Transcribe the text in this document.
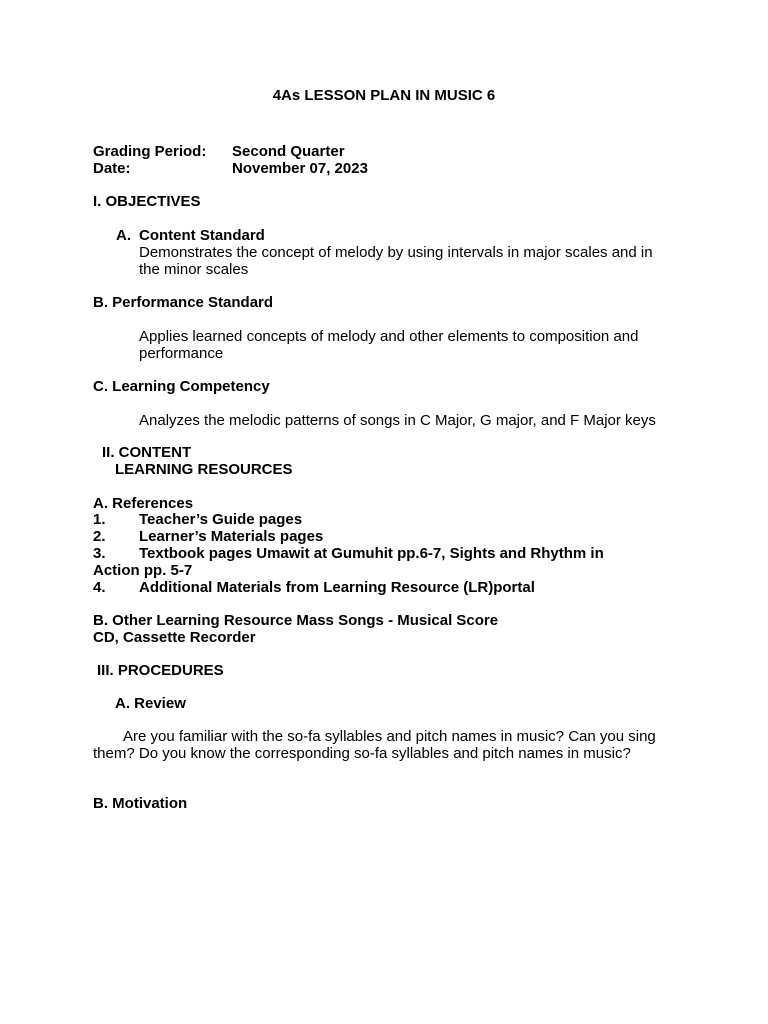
4As LESSON PLAN IN MUSIC 6
Grading Period: Second Quarter
Date:	November 07, 2023
I. OBJECTIVES
A. Content Standard
Demonstrates the concept of melody by using intervals in major scales and in
the minor scales
B. Performance Standard
Applies learned concepts of melody and other elements to composition and
performance
C. Learning Competency
Analyzes the melodic patterns of songs in C Major, G major, and F Major keys
II. CONTENT
LEARNING RESOURCES
A. References
1. Teacher’s Guide pages
2. Learner’s Materials pages
3. Textbook pages Umawit at Gumuhit pp.6-7, Sights and Rhythm in
Action pp. 5-7
4. Additional Materials from Learning Resource (LR)portal
B. Other Learning Resource Mass Songs - Musical Score
CD, Cassette Recorder
III. PROCEDURES
A. Review
Are you familiar with the so-fa syllables and pitch names in music? Can you sing
them? Do you know the corresponding so-fa syllables and pitch names in music?
B. Motivation
